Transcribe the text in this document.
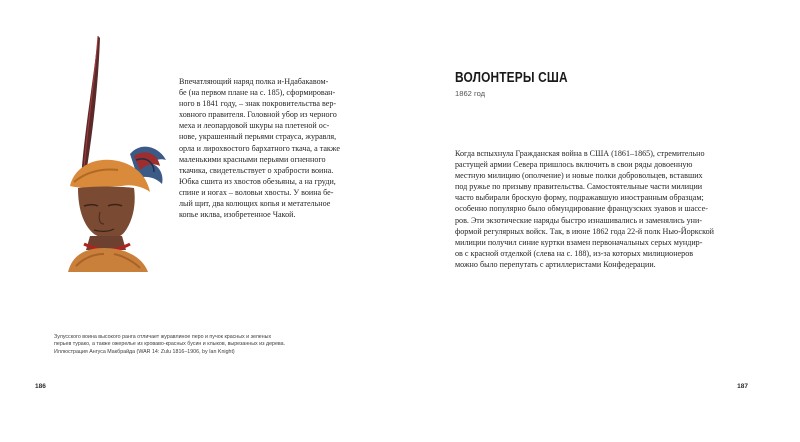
Впечатляющий наряд полка и-Ндабакавом-

бе (на первом плане на с. 185), сформирован-

ного в 1841 году, – знак покровительства вер-

ховного правителя. Головной убор из черного

меха и леопардовой шкуры на плетеной ос-

нове, украшенный перьями страуса, журавля,

орла и лирохвостого бархатного ткача, а также

маленькими красными перьями огненного

ткачика, свидетельствует о храбрости воина.

Юбка сшита из хвостов обезьяны, а на груди,

спине и ногах – воловьи хвосты. У воина бе-

лый щит, два колющих копья и метательное

копье иклва, изобретенное Чакой.

Зулусского воина высокого ранга отличает журавлиное перо и пучок красных и зеленых
перьев турако, а также ожерелье из кроваво-красных бусин и клыков, вырезанных из дерева.
Иллюстрация Ангуса Макбрайда (WAR 14: Zulu 1816–1906, by Ian Knight)
186
ВОЛОНТЕРЫ США
1862 год

Когда вспыхнула Гражданская война в США (1861–1865), стремительно

растущей армии Севера пришлось включить в свои ряды довоенную

местную милицию (ополчение) и новые полки добровольцев, вставших

под ружье по призыву правительства. Самостоятельные части милиции

часто выбирали броскую форму, подражавшую иностранным образцам;

особенно популярно было обмундирование французских зуавов и шассе-

ров. Эти экзотические наряды быстро изнашивались и заменялись уни-

формой регулярных войск. Так, в июне 1862 года 22-й полк Нью-Йоркской

милиции получил синие куртки взамен первоначальных серых мундир-

ов с красной отделкой (слева на с. 188), из-за которых милиционеров

можно было перепутать с артиллеристами Конфедерации.

187
